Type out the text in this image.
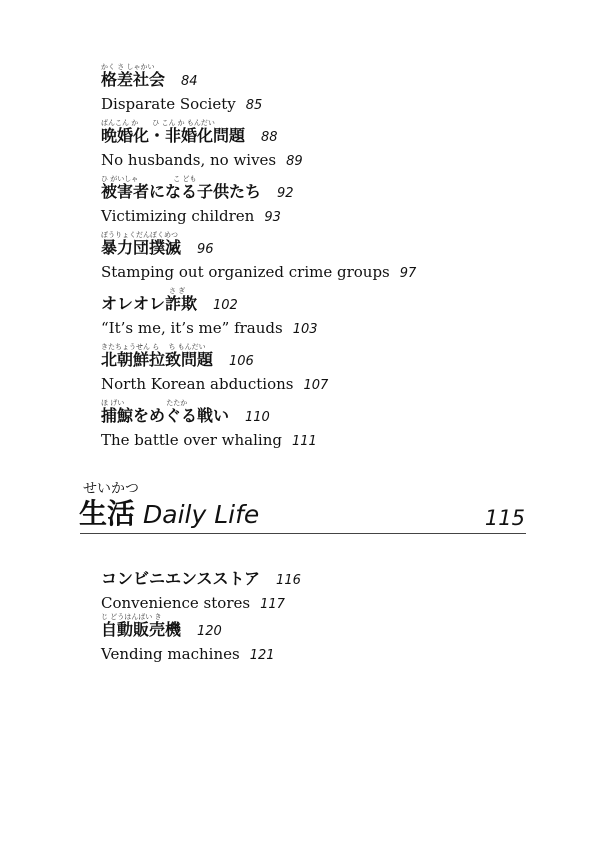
かく さ しゃかい
格差社会 84
Disparate Society 85
ばんこん か　　ひ こん か もんだい
晩婚化・非婚化問題 88
No husbands, no wives 89
ひ がいしゃ　　　　　こ ども
被害者になる子供たち 92
Victimizing children 93
ぼうりょくだんぼくめつ
暴力団撲滅 96
Stamping out organized crime groups 97
さ ぎ
オレオレ詐欺 102
“It’s me, it’s me” frauds 103
きたちょうせん ら　 ち もんだい
北朝鮮拉致問題 106
North Korean abductions 107
ほ げい　　　　　　たたか
捕鯨をめぐる戦い 110
The battle over whaling 111
せいかつ
生活 Daily Life	115
コンビニエンスストア 116
Convenience stores 117
じ どうはんばい き
自動販売機 120
Vending machines 121
